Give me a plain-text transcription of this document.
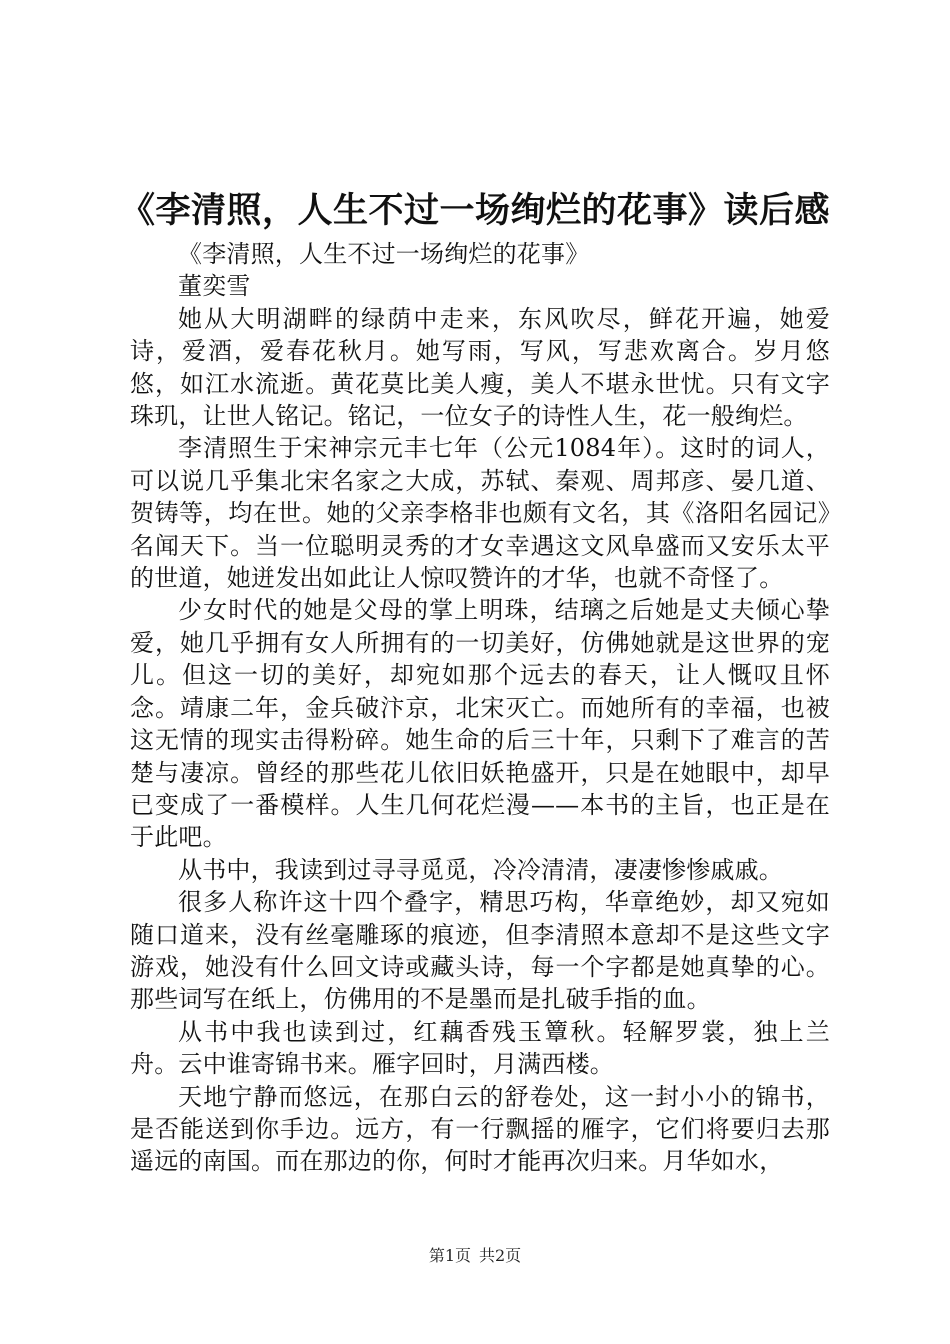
《李清照，人生不过一场绚烂的花事》读后感

《李清照，人生不过一场绚烂的花事》

董奕雪

她从大明湖畔的绿荫中走来，东风吹尽，鲜花开遍，她爱诗，爱酒，爱春花秋月。她写雨，写风，写悲欢离合。岁月悠悠，如江水流逝。黄花莫比美人瘦，美人不堪永世忧。只有文字珠玑，让世人铭记。铭记，一位女子的诗性人生，花一般绚烂。

李清照生于宋神宗元丰七年（公元1084年）。这时的词人，可以说几乎集北宋名家之大成，苏轼、秦观、周邦彦、晏几道、贺铸等，均在世。她的父亲李格非也颇有文名，其《洛阳名园记》名闻天下。当一位聪明灵秀的才女幸遇这文风阜盛而又安乐太平的世道，她迸发出如此让人惊叹赞许的才华，也就不奇怪了。

少女时代的她是父母的掌上明珠，结璃之后她是丈夫倾心挚爱，她几乎拥有女人所拥有的一切美好，仿佛她就是这世界的宠儿。但这一切的美好，却宛如那个远去的春天，让人慨叹且怀念。靖康二年，金兵破汴京，北宋灭亡。而她所有的幸福，也被这无情的现实击得粉碎。她生命的后三十年，只剩下了难言的苦楚与凄凉。曾经的那些花儿依旧妖艳盛开，只是在她眼中，却早已变成了一番模样。人生几何花烂漫——本书的主旨，也正是在于此吧。

从书中，我读到过寻寻觅觅，冷冷清清，凄凄惨惨戚戚。

很多人称许这十四个叠字，精思巧构，华章绝妙，却又宛如随口道来，没有丝毫雕琢的痕迹，但李清照本意却不是这些文字游戏，她没有什么回文诗或藏头诗，每一个字都是她真挚的心。那些词写在纸上，仿佛用的不是墨而是扎破手指的血。

从书中我也读到过，红藕香残玉簟秋。轻解罗裳，独上兰舟。云中谁寄锦书来。雁字回时，月满西楼。

天地宁静而悠远，在那白云的舒卷处，这一封小小的锦书，是否能送到你手边。远方，有一行飘摇的雁字，它们将要归去那遥远的南国。而在那边的你，何时才能再次归来。月华如水，

第1页 共2页
